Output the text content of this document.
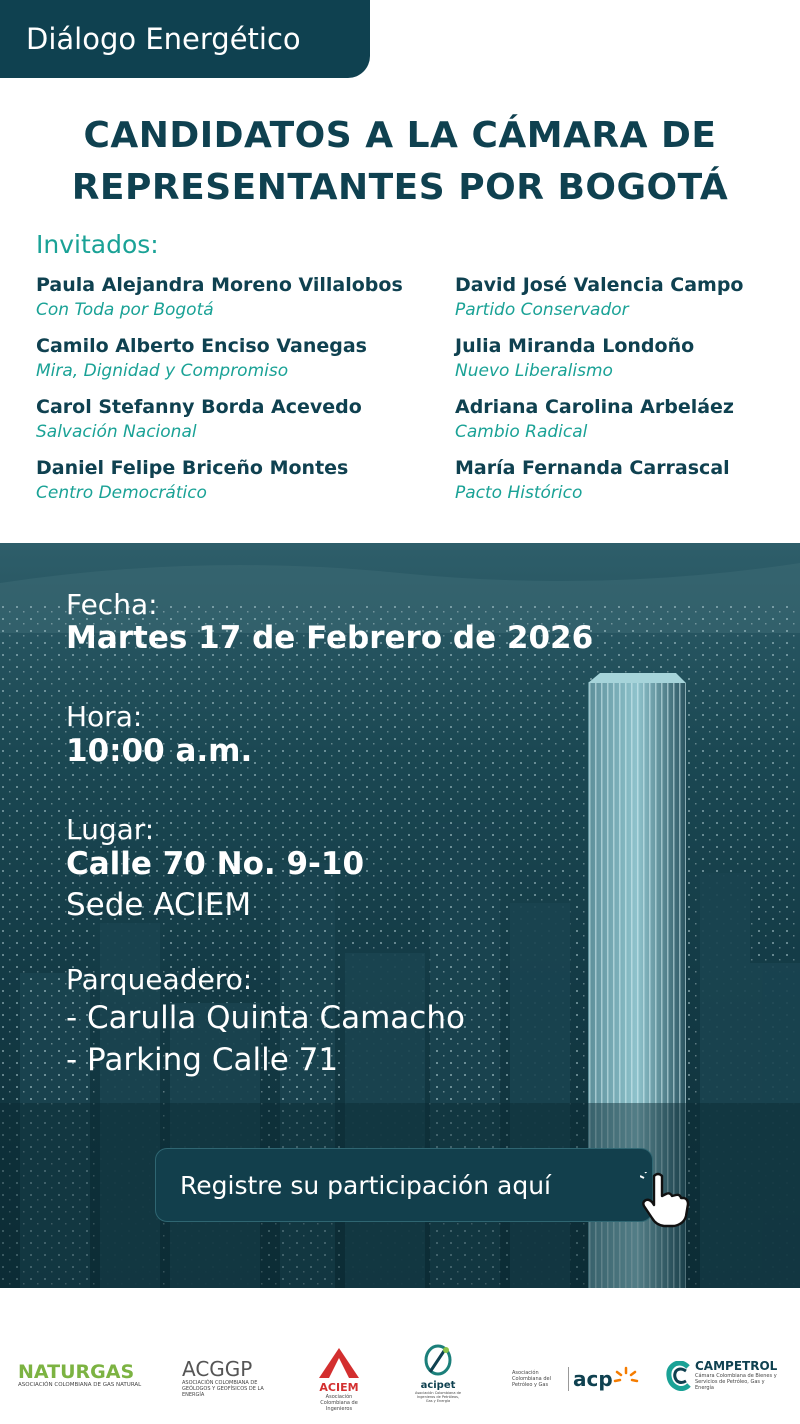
Diálogo Energético
CANDIDATOS A LA CÁMARA DE
REPRESENTANTES POR BOGOTÁ
Invitados:
Paula Alejandra Moreno Villalobos
Con Toda por Bogotá
David José Valencia Campo
Partido Conservador
Camilo Alberto Enciso Vanegas
Mira, Dignidad y Compromiso
Julia Miranda Londoño
Nuevo Liberalismo
Carol Stefanny Borda Acevedo
Salvación Nacional
Adriana Carolina Arbeláez
Cambio Radical
Daniel Felipe Briceño Montes
Centro Democrático
María Fernanda Carrascal
Pacto Histórico
Fecha:
Martes 17 de Febrero de 2026
Hora:
10:00 a.m.
Lugar:
Calle 70 No. 9-10
Sede ACIEM
Parqueadero:
- Carulla Quinta Camacho
- Parking Calle 71
Registre su participación aquí
NATURGAS
ASOCIACIÓN COLOMBIANA DE GAS NATURAL
ACGGP
ASOCIACIÓN COLOMBIANA DE GEÓLOGOS Y GEOFÍSICOS DE LA ENERGÍA
ACIEM
Asociación Colombiana de Ingenieros
acipet
Asociación Colombiana de Ingenieros de Petróleos, Gas y Energía
Asociación Colombiana del Petróleo y Gas	acp
CAMPETROL
Cámara Colombiana de Bienes y Servicios de Petróleo, Gas y Energía
